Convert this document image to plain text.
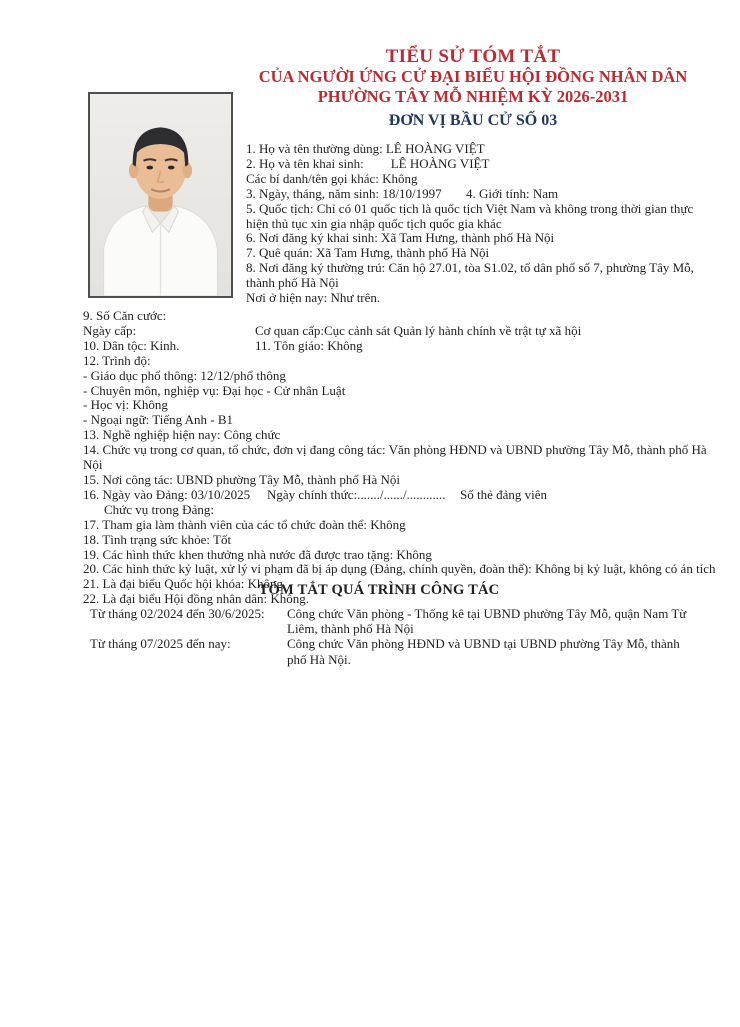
TIỂU SỬ TÓM TẮT
CỦA NGƯỜI ỨNG CỬ ĐẠI BIỂU HỘI ĐỒNG NHÂN DÂN
PHƯỜNG TÂY MỖ NHIỆM KỲ 2026-2031
ĐƠN VỊ BẦU CỬ SỐ 03
1. Họ và tên thường dùng: LÊ HOÀNG VIỆT
2. Họ và tên khai sinh: LÊ HOÀNG VIỆT
Các bí danh/tên gọi khác: Không
3. Ngày, tháng, năm sinh: 18/10/1997 4. Giới tính: Nam
5. Quốc tịch: Chỉ có 01 quốc tịch là quốc tịch Việt Nam và không trong thời gian thực hiện thủ tục xin gia nhập quốc tịch quốc gia khác
6. Nơi đăng ký khai sinh: Xã Tam Hưng, thành phố Hà Nội
7. Quê quán: Xã Tam Hưng, thành phố Hà Nội
8. Nơi đăng ký thường trú: Căn hộ 27.01, tòa S1.02, tổ dân phố số 7, phường Tây Mỗ, thành phố Hà Nội
Nơi ở hiện nay: Như trên.
9. Số Căn cước:
Ngày cấp:	Cơ quan cấp:Cục cảnh sát Quản lý hành chính về trật tự xã hội
10. Dân tộc: Kinh.	11. Tôn giáo: Không
12. Trình độ:
- Giáo dục phổ thông: 12/12/phổ thông
- Chuyên môn, nghiệp vụ: Đại học - Cử nhân Luật
- Học vị: Không
- Ngoại ngữ: Tiếng Anh - B1
13. Nghề nghiệp hiện nay: Công chức
14. Chức vụ trong cơ quan, tổ chức, đơn vị đang công tác: Văn phòng HĐND và UBND phường Tây Mỗ, thành phố Hà Nội
15. Nơi công tác: UBND phường Tây Mỗ, thành phố Hà Nội
16. Ngày vào Đảng: 03/10/2025 Ngày chính thức:......./....../............ Số thẻ đảng viên
Chức vụ trong Đảng:
17. Tham gia làm thành viên của các tổ chức đoàn thể: Không
18. Tình trạng sức khỏe: Tốt
19. Các hình thức khen thưởng nhà nước đã được trao tặng: Không
20. Các hình thức kỷ luật, xử lý vi phạm đã bị áp dụng (Đảng, chính quyền, đoàn thể): Không bị kỷ luật, không có án tích
21. Là đại biểu Quốc hội khóa: Không
22. Là đại biểu Hội đồng nhân dân: Không.
TÓM TẮT QUÁ TRÌNH CÔNG TÁC
Từ tháng 02/2024 đến 30/6/2025:	Công chức Văn phòng - Thống kê tại UBND phường Tây Mỗ, quận Nam Từ Liêm, thành phố Hà Nội
Từ tháng 07/2025 đến nay:	Công chức Văn phòng HĐND và UBND tại UBND phường Tây Mỗ, thành phố Hà Nội.
